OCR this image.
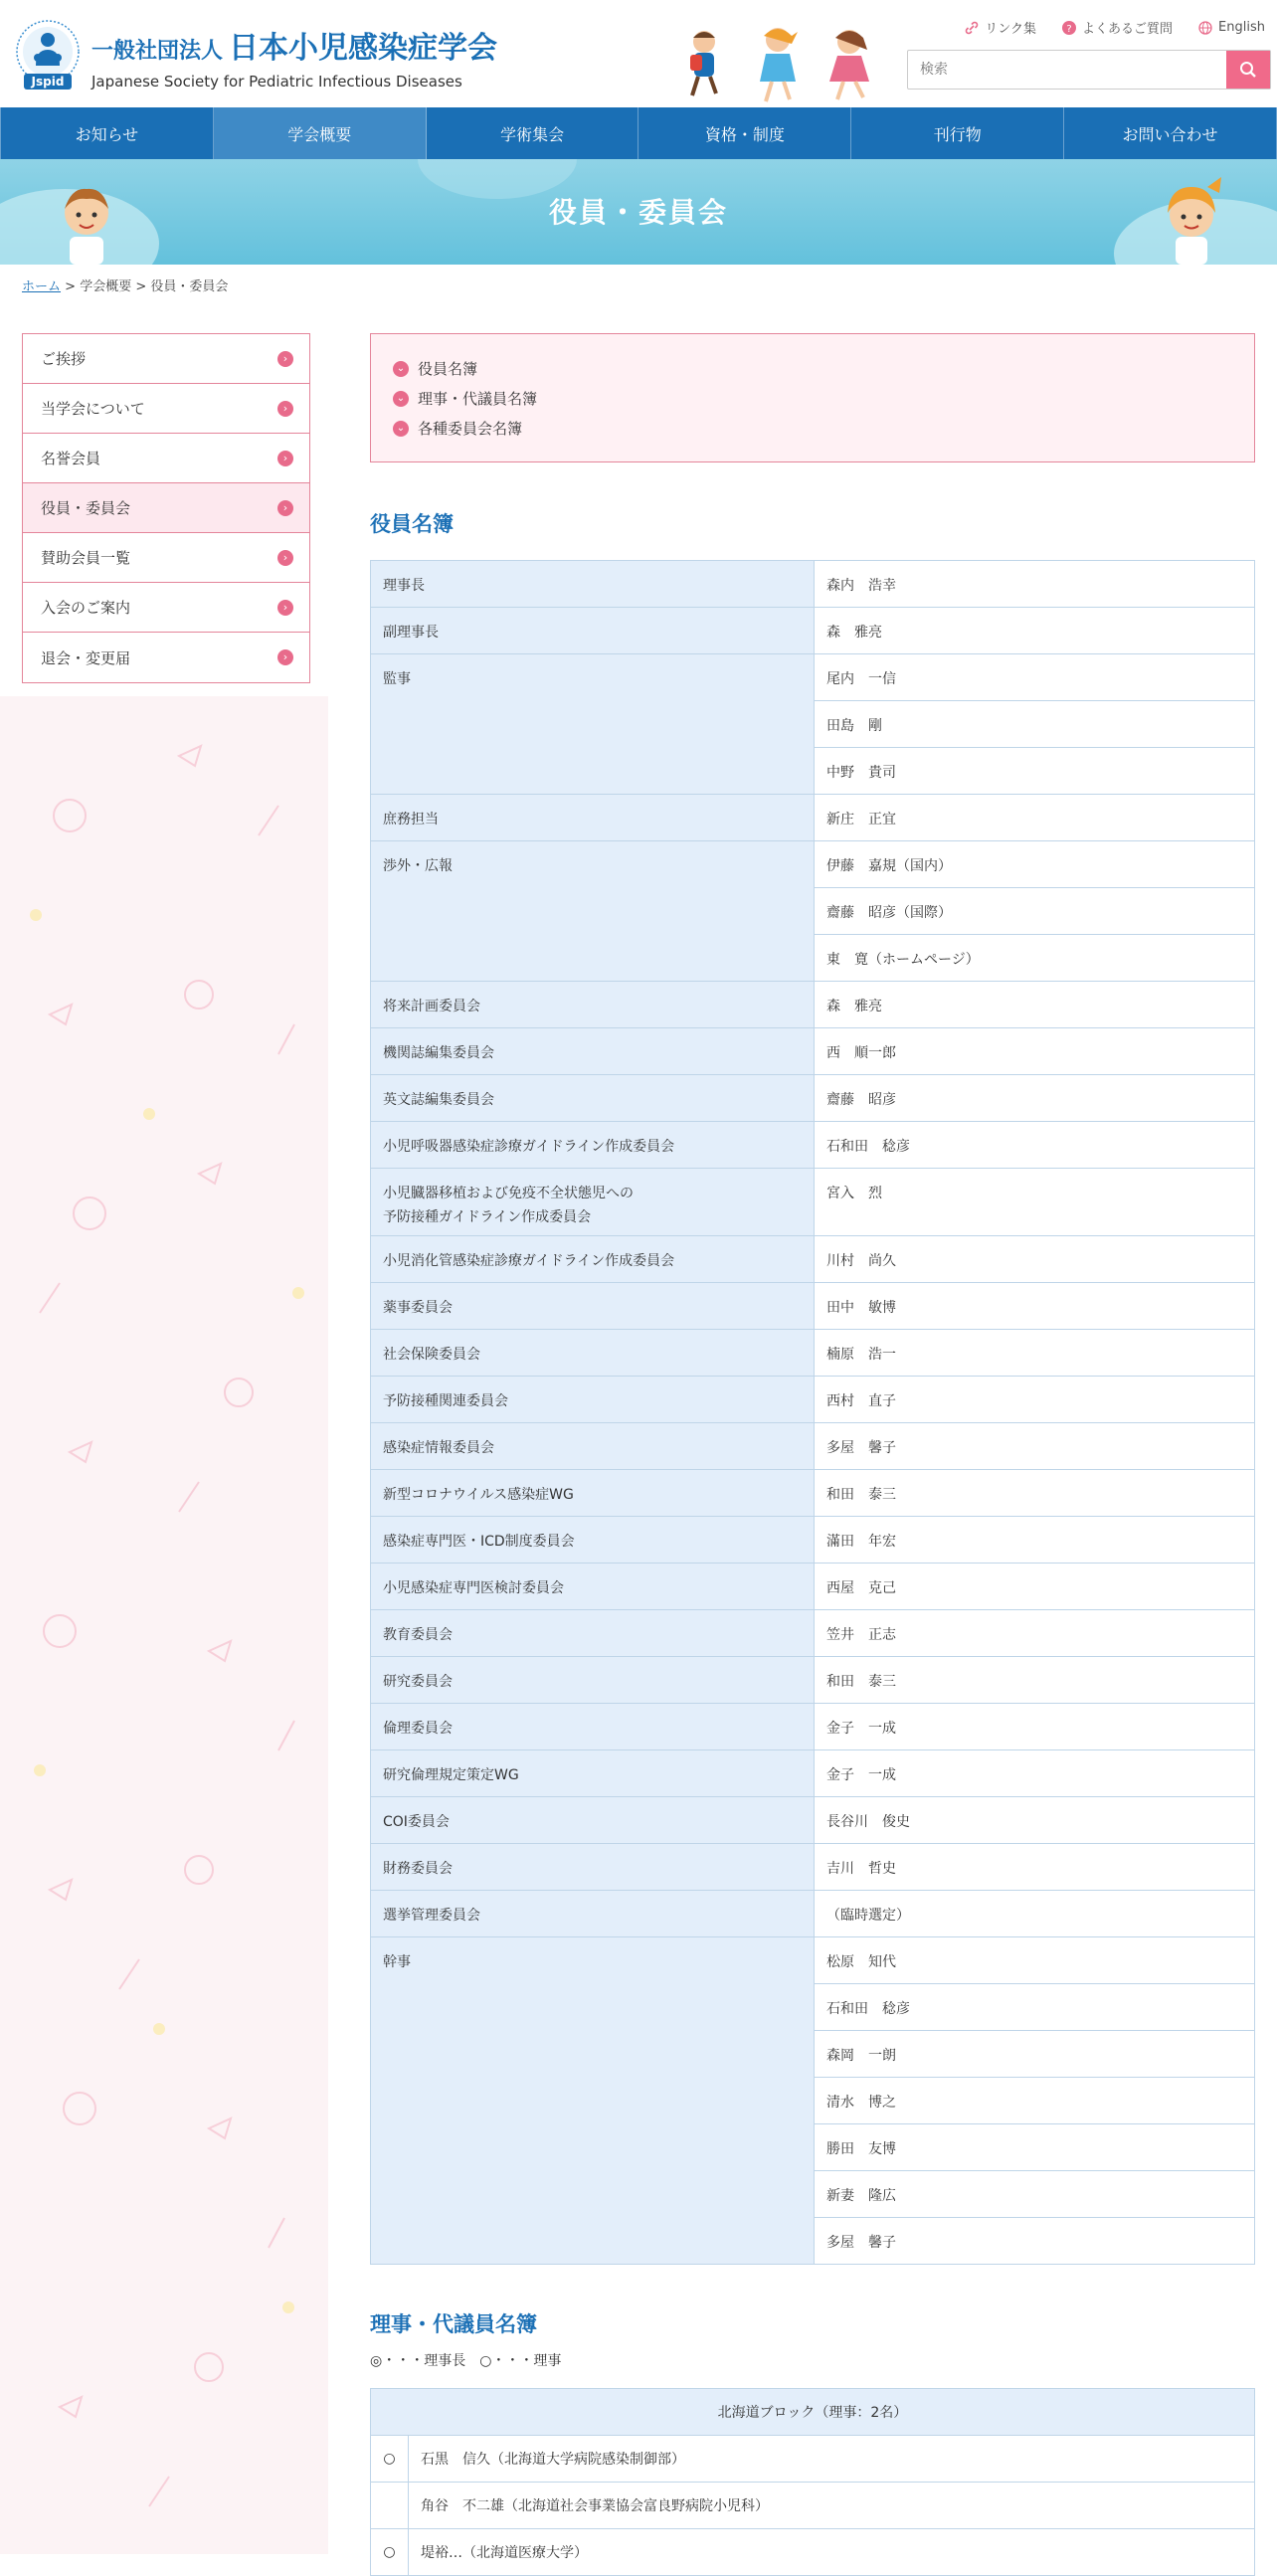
Jspid
一般社団法人 日本小児感染症学会
Japanese Society for Pediatric Infectious Diseases
リンク集	? よくあるご質問	English
検索
お知らせ	学会概要	学術集会	資格・制度	刊行物	お問い合わせ
役員・委員会
ホーム > 学会概要 > 役員・委員会
ご挨拶	›
当学会について	›
名誉会員	›
役員・委員会	›
賛助会員一覧	›
入会のご案内	›
退会・変更届	›
⌄ 役員名簿
⌄ 理事・代議員名簿
⌄ 各種委員会名簿
役員名簿
理事長	森内　浩幸

副理事長	森　雅亮

監事	尾内　一信
	田島　剛
	中野　貴司

庶務担当	新庄　正宜

渉外・広報	伊藤　嘉規（国内）
	齋藤　昭彦（国際）
	東　寛（ホームページ）

将来計画委員会	森　雅亮

機関誌編集委員会	西　順一郎

英文誌編集委員会	齋藤　昭彦

小児呼吸器感染症診療ガイドライン作成委員会	石和田　稔彦

小児臓器移植および免疫不全状態児への
予防接種ガイドライン作成委員会	宮入　烈

小児消化管感染症診療ガイドライン作成委員会	川村　尚久

薬事委員会	田中　敏博

社会保険委員会	楠原　浩一

予防接種関連委員会	西村　直子

感染症情報委員会	多屋　馨子

新型コロナウイルス感染症WG	和田　泰三

感染症専門医・ICD制度委員会	滿田　年宏

小児感染症専門医検討委員会	西屋　克己

教育委員会	笠井　正志

研究委員会	和田　泰三

倫理委員会	金子　一成

研究倫理規定策定WG	金子　一成

COI委員会	長谷川　俊史

財務委員会	吉川　哲史

選挙管理委員会	（臨時選定）

幹事	松原　知代
	石和田　稔彦
	森岡　一朗
	清水　博之
	勝田　友博
	新妻　隆広
	多屋　馨子
理事・代議員名簿
◎・・・理事長　○・・・理事
北海道ブロック（理事：2名）	
○	石黒　信久（北海道大学病院感染制御部）
	角谷　不二雄（北海道社会事業協会富良野病院小児科）
○	堤裕…（北海道医療大学）
